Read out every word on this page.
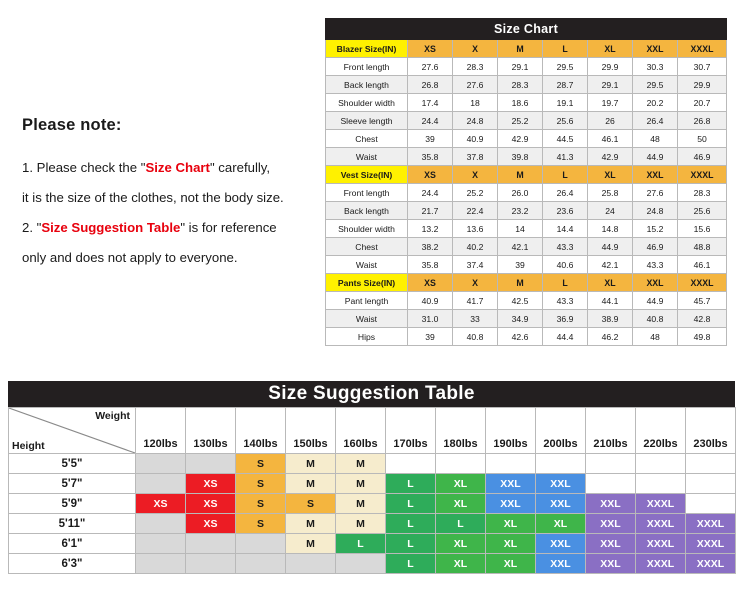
Please note:
1. Please check the "Size Chart" carefully,
it is the size of the clothes, not the body size.
2. "Size Suggestion Table" is for reference
only and does not apply to everyone.
Size Chart							
Blazer Size(IN)	XS	X	M	L	XL	XXL	XXXL
Front length	27.6	28.3	29.1	29.5	29.9	30.3	30.7
Back length	26.8	27.6	28.3	28.7	29.1	29.5	29.9
Shoulder width	17.4	18	18.6	19.1	19.7	20.2	20.7
Sleeve length	24.4	24.8	25.2	25.6	26	26.4	26.8
Chest	39	40.9	42.9	44.5	46.1	48	50
Waist	35.8	37.8	39.8	41.3	42.9	44.9	46.9
Vest Size(IN)	XS	X	M	L	XL	XXL	XXXL
Front length	24.4	25.2	26.0	26.4	25.8	27.6	28.3
Back length	21.7	22.4	23.2	23.6	24	24.8	25.6
Shoulder width	13.2	13.6	14	14.4	14.8	15.2	15.6
Chest	38.2	40.2	42.1	43.3	44.9	46.9	48.8
Waist	35.8	37.4	39	40.6	42.1	43.3	46.1
Pants Size(IN)	XS	X	M	L	XL	XXL	XXXL
Pant length	40.9	41.7	42.5	43.3	44.1	44.9	45.7
Waist	31.0	33	34.9	36.9	38.9	40.8	42.8
Hips	39	40.8	42.6	44.4	46.2	48	49.8
Size Suggestion Table
Weight
Height	120lbs	130lbs	140lbs	150lbs	160lbs	170lbs	180lbs	190lbs	200lbs	210lbs	220lbs	230lbs
5'5"			S	M	M							
5'7"		XS	S	M	M	L	XL	XXL	XXL			
5'9"	XS	XS	S	S	M	L	XL	XXL	XXL	XXL	XXXL	
5'11"		XS	S	M	M	L	L	XL	XL	XXL	XXXL	XXXL
6'1"				M	L	L	XL	XL	XXL	XXL	XXXL	XXXL
6'3"						L	XL	XL	XXL	XXL	XXXL	XXXL
